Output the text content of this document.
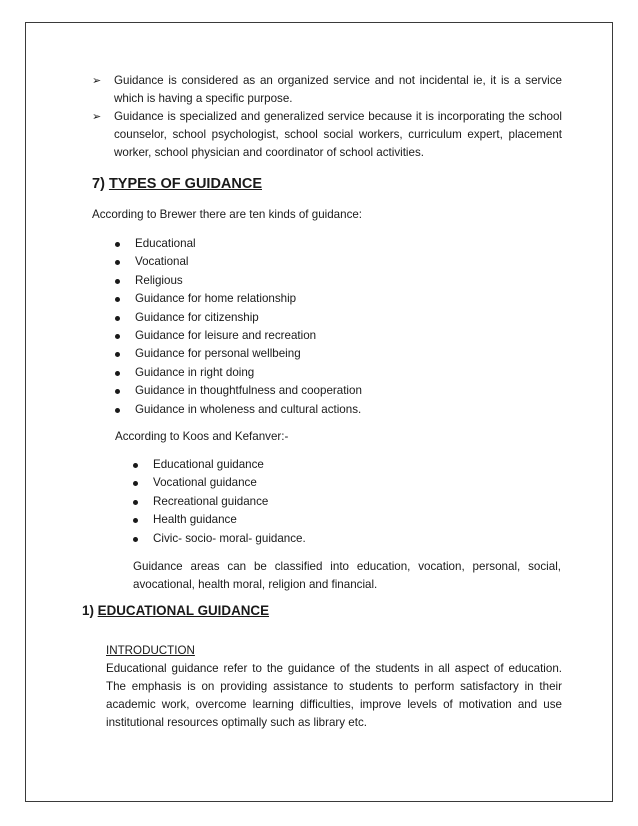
➢ Guidance is considered as an organized service and not incidental ie, it is a service which is having a specific purpose.
➢ Guidance is specialized and generalized service because it is incorporating the school counselor, school psychologist, school social workers, curriculum expert, placement worker, school physician and coordinator of school activities.
7) TYPES OF GUIDANCE
According to Brewer there are ten kinds of guidance:
Educational
Vocational
Religious
Guidance for home relationship
Guidance for citizenship
Guidance for leisure and recreation
Guidance for personal wellbeing
Guidance in right doing
Guidance in thoughtfulness and cooperation
Guidance in wholeness and cultural actions.
According to Koos and Kefanver:-
Educational guidance
Vocational guidance
Recreational guidance
Health guidance
Civic- socio- moral- guidance.
Guidance areas can be classified into education, vocation, personal, social, avocational, health moral, religion and financial.
1) EDUCATIONAL GUIDANCE
INTRODUCTION
Educational guidance refer to the guidance of the students in all aspect of education. The emphasis is on providing assistance to students to perform satisfactory in their academic work, overcome learning difficulties, improve levels of motivation and use institutional resources optimally such as library etc.
